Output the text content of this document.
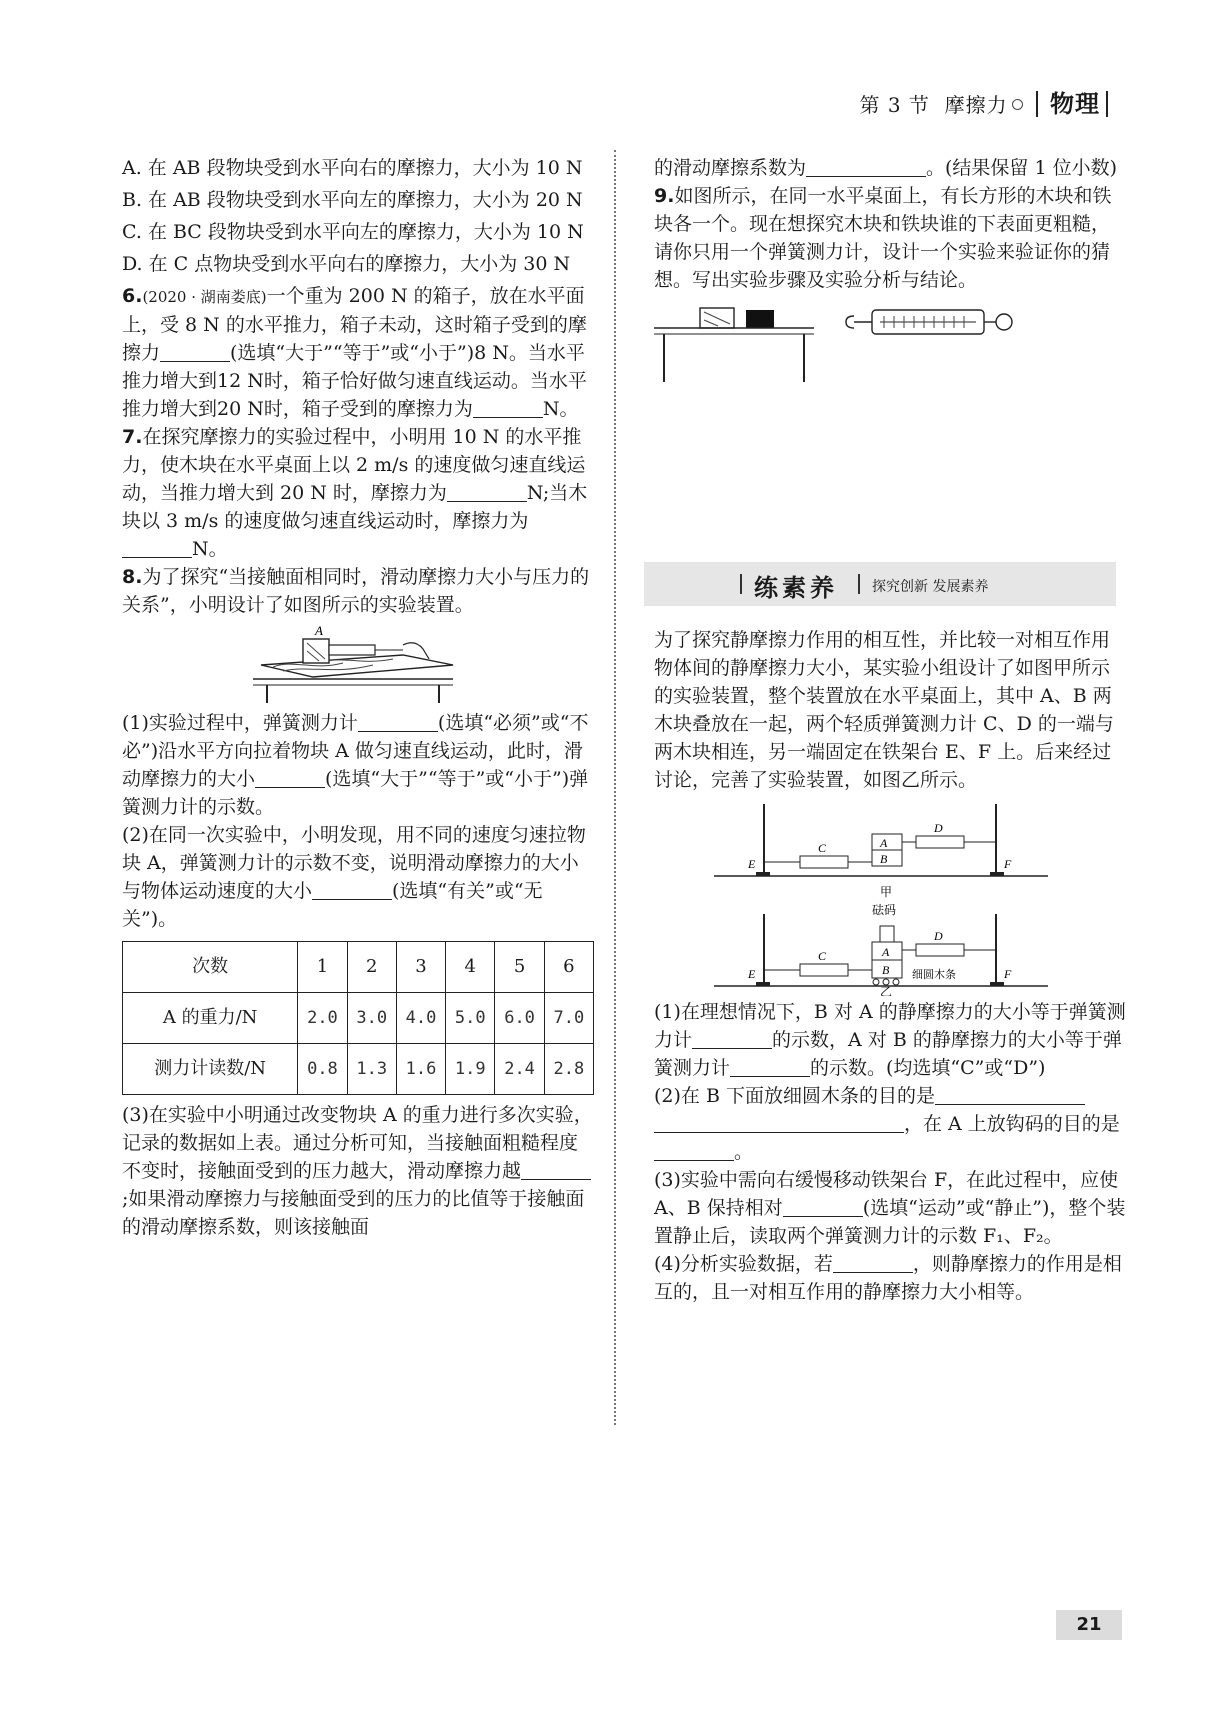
第 3 节 摩擦力 物理

A. 在 AB 段物块受到水平向右的摩擦力，大小为 10 N

B. 在 AB 段物块受到水平向左的摩擦力，大小为 20 N

C. 在 BC 段物块受到水平向左的摩擦力，大小为 10 N

D. 在 C 点物块受到水平向右的摩擦力，大小为 30 N

6.(2020 · 湖南娄底)一个重为 200 N 的箱子，放在水平面上，受 8 N 的水平推力，箱子未动，这时箱子受到的摩擦力	(选填“大于”“等于”或“小于”)8 N。当水平推力增大到12 N时，箱子恰好做匀速直线运动。当水平推力增大到20 N时，箱子受到的摩擦力为	N。

7.在探究摩擦力的实验过程中，小明用 10 N 的水平推力，使木块在水平桌面上以 2 m/s 的速度做匀速直线运动，当推力增大到 20 N 时，摩擦力为	N;当木块以 3 m/s 的速度做匀速直线运动时，摩擦力为N。

8.为了探究“当接触面相同时，滑动摩擦力大小与压力的关系”，小明设计了如图所示的实验装置。

A

(1)实验过程中，弹簧测力计	(选填“必须”或“不必”)沿水平方向拉着物块 A 做匀速直线运动，此时，滑动摩擦力的大小	(选填“大于”“等于”或“小于”)弹簧测力计的示数。

(2)在同一次实验中，小明发现，用不同的速度匀速拉物块 A，弹簧测力计的示数不变，说明滑动摩擦力的大小与物体运动速度的大小	(选填“有关”或“无关”)。

次数	1	2	3	4	5	6
A 的重力/N	2.0	3.0	4.0	5.0	6.0	7.0
测力计读数/N	0.8	1.3	1.6	1.9	2.4	2.8

(3)在实验中小明通过改变物块 A 的重力进行多次实验，记录的数据如上表。通过分析可知，当接触面粗糙程度不变时，接触面受到的压力越大，滑动摩擦力越;如果滑动摩擦力与接触面受到的压力的比值等于接触面的滑动摩擦系数，则该接触面

的滑动摩擦系数为	。(结果保留 1 位小数)

9.如图所示，在同一水平桌面上，有长方形的木块和铁块各一个。现在想探究木块和铁块谁的下表面更粗糙，请你只用一个弹簧测力计，设计一个实验来验证你的猜想。写出实验步骤及实验分析与结论。

练素养 探究创新 发展素养

为了探究静摩擦力作用的相互性，并比较一对相互作用物体间的静摩擦力大小，某实验小组设计了如图甲所示的实验装置，整个装置放在水平桌面上，其中 A、B 两木块叠放在一起，两个轻质弹簧测力计 C、D 的一端与两木块相连，另一端固定在铁架台 E、F 上。后来经过讨论，完善了实验装置，如图乙所示。

A
B
C
D
E	F
甲
砝码
A
B
C
D
E	F
细圆木条
乙

(1)在理想情况下，B 对 A 的静摩擦力的大小等于弹簧测力计	的示数，A 对 B 的静摩擦力的大小等于弹簧测力计	的示数。(均选填“C”或“D”)

(2)在 B 下面放细圆木条的目的是，在 A 上放钩码的目的是。

(3)实验中需向右缓慢移动铁架台 F，在此过程中，应使 A、B 保持相对	(选填“运动”或“静止”)，整个装置静止后，读取两个弹簧测力计的示数 F₁、F₂。

(4)分析实验数据，若	，则静摩擦力的作用是相互的，且一对相互作用的静摩擦力大小相等。

21
